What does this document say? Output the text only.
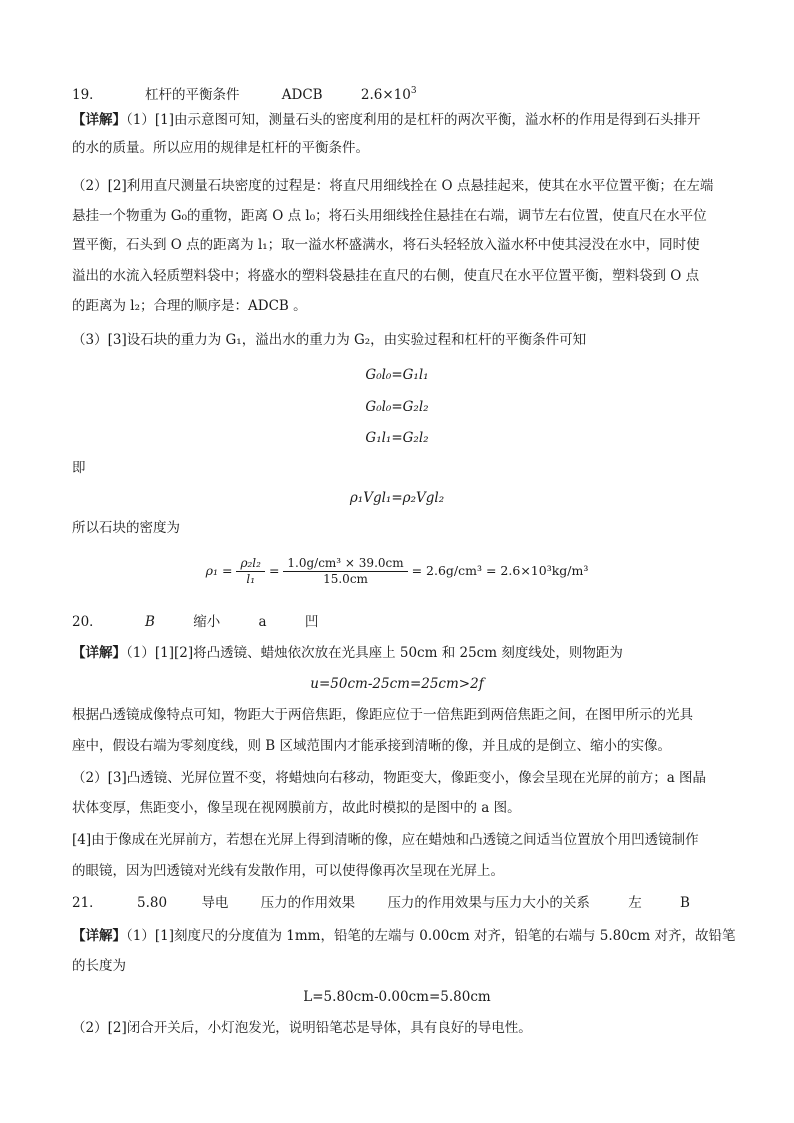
19．	杠杆的平衡条件	ADCB	$2.6\times 10^3$
【详解】（1）[1]由示意图可知，测量石头的密度利用的是杠杆的两次平衡，溢水杯的作用是得到石头排开
的水的质量。所以应用的规律是杠杆的平衡条件。
（2）[2]利用直尺测量石块密度的过程是：将直尺用细线拴在 O 点悬挂起来，使其在水平位置平衡；在左端
悬挂一个物重为 G₀的重物，距离 O 点 l₀；将石头用细线拴住悬挂在右端，调节左右位置，使直尺在水平位
置平衡，石头到 O 点的距离为 l₁；取一溢水杯盛满水，将石头轻轻放入溢水杯中使其浸没在水中，同时使
溢出的水流入轻质塑料袋中；将盛水的塑料袋悬挂在直尺的右侧，使直尺在水平位置平衡，塑料袋到 O 点
的距离为 l₂；合理的顺序是：ADCB 。
（3）[3]设石块的重力为 G₁，溢出水的重力为 G₂，由实验过程和杠杆的平衡条件可知
G₀l₀=G₁l₁
G₀l₀=G₂l₂
G₁l₁=G₂l₂
即
ρ₁Vgl₁=ρ₂Vgl₂
所以石块的密度为
$\rho_1 = \frac{\text{ρ₂l₂}}{\text{l₁}} = \frac{\text{1.0g/cm³ × 39.0cm}}{15.0cm} = 2.6g/cm^3 = 2.6\times 10^3kg/m^3$
20．	B	缩小	a	凹
【详解】（1）[1][2]将凸透镜、蜡烛依次放在光具座上 50cm 和 25cm 刻度线处，则物距为
u=50cm-25cm=25cm>2f
根据凸透镜成像特点可知，物距大于两倍焦距，像距应位于一倍焦距到两倍焦距之间，在图甲所示的光具
座中，假设右端为零刻度线，则 B 区域范围内才能承接到清晰的像，并且成的是倒立、缩小的实像。
（2）[3]凸透镜、光屏位置不变，将蜡烛向右移动，物距变大，像距变小，像会呈现在光屏的前方；a 图晶
状体变厚，焦距变小，像呈现在视网膜前方，故此时模拟的是图中的 a 图。
[4]由于像成在光屏前方，若想在光屏上得到清晰的像，应在蜡烛和凸透镜之间适当位置放个用凹透镜制作
的眼镜，因为凹透镜对光线有发散作用，可以使得像再次呈现在光屏上。
21．	5.80	导电 压力的作用效果 压力的作用效果与压力大小的关系	左	B
【详解】（1）[1]刻度尺的分度值为 1mm，铅笔的左端与 0.00cm 对齐，铅笔的右端与 5.80cm 对齐，故铅笔
的长度为
L=5.80cm-0.00cm=5.80cm
（2）[2]闭合开关后，小灯泡发光，说明铅笔芯是导体，具有良好的导电性。
